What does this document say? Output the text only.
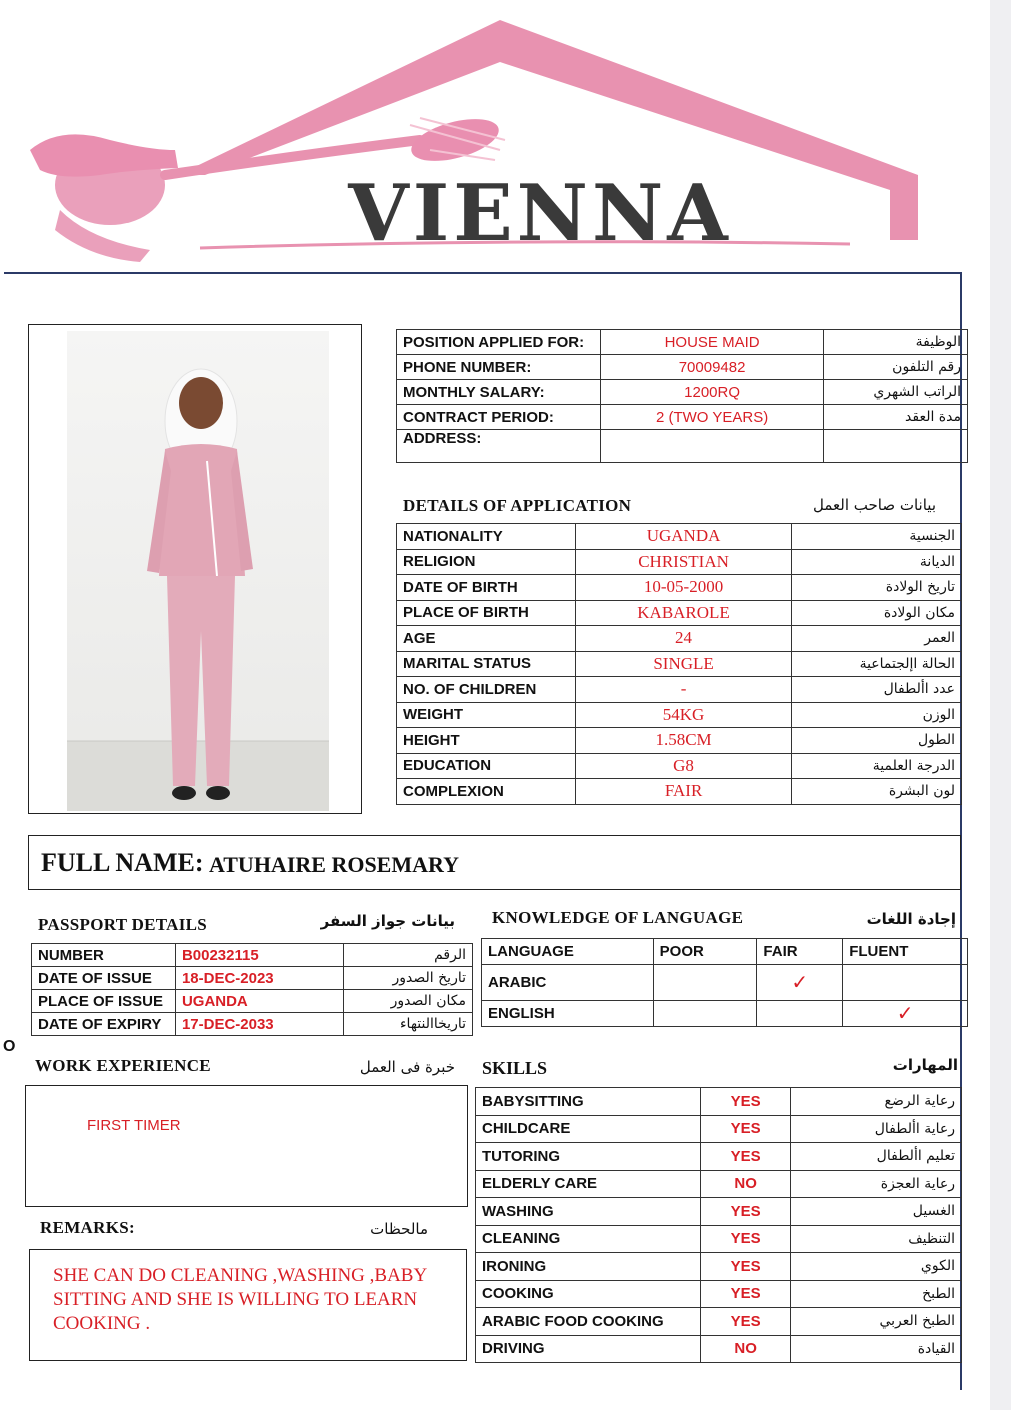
VIENNA
POSITION APPLIED FOR:	HOUSE MAID	الوظيفة
PHONE NUMBER:	70009482	رقم التلفون
MONTHLY SALARY:	1200RQ	الراتب الشهري
CONTRACT PERIOD:	2 (TWO YEARS)	مدة العقد
ADDRESS:		
DETAILS OF APPLICATION	بيانات صاحب العمل
NATIONALITY	UGANDA	الجنسية
RELIGION	CHRISTIAN	الديانة
DATE OF BIRTH	10-05-2000	تاريخ الولادة
PLACE OF BIRTH	KABAROLE	مكان الولادة
AGE	24	العمر
MARITAL STATUS	SINGLE	الحالة اإلجتماعية
NO. OF CHILDREN	-	عدد األطفال
WEIGHT	54KG	الوزن
HEIGHT	1.58CM	الطول
EDUCATION	G8	الدرجة العلمية
COMPLEXION	FAIR	لون البشرة
FULL NAME: ATUHAIRE ROSEMARY
PASSPORT DETAILS	بيانات جواز السفر
NUMBER	B00232115	الرقم
DATE OF ISSUE	18-DEC-2023	تاريخ الصدور
PLACE OF ISSUE	UGANDA	مكان الصدور
DATE OF EXPIRY	17-DEC-2033	تاريخاالنتهاء
KNOWLEDGE OF LANGUAGE	إجادة اللغات
LANGUAGE	POOR	FAIR	FLUENT
ARABIC		✓	
ENGLISH			✓
O
WORK EXPERIENCE	خبرة فى العمل
FIRST TIMER
REMARKS:	مالحظات
SHE CAN DO CLEANING ,WASHING ,BABY
SITTING AND SHE IS WILLING TO LEARN
COOKING .
SKILLS	المهارات
BABYSITTING	YES	رعاية الرضع
CHILDCARE	YES	رعاية األطفال
TUTORING	YES	تعليم األطفال
ELDERLY CARE	NO	رعاية العجزة
WASHING	YES	الغسيل
CLEANING	YES	التنظيف
IRONING	YES	الكوي
COOKING	YES	الطبخ
ARABIC FOOD COOKING	YES	الطبخ العربي
DRIVING	NO	القيادة
